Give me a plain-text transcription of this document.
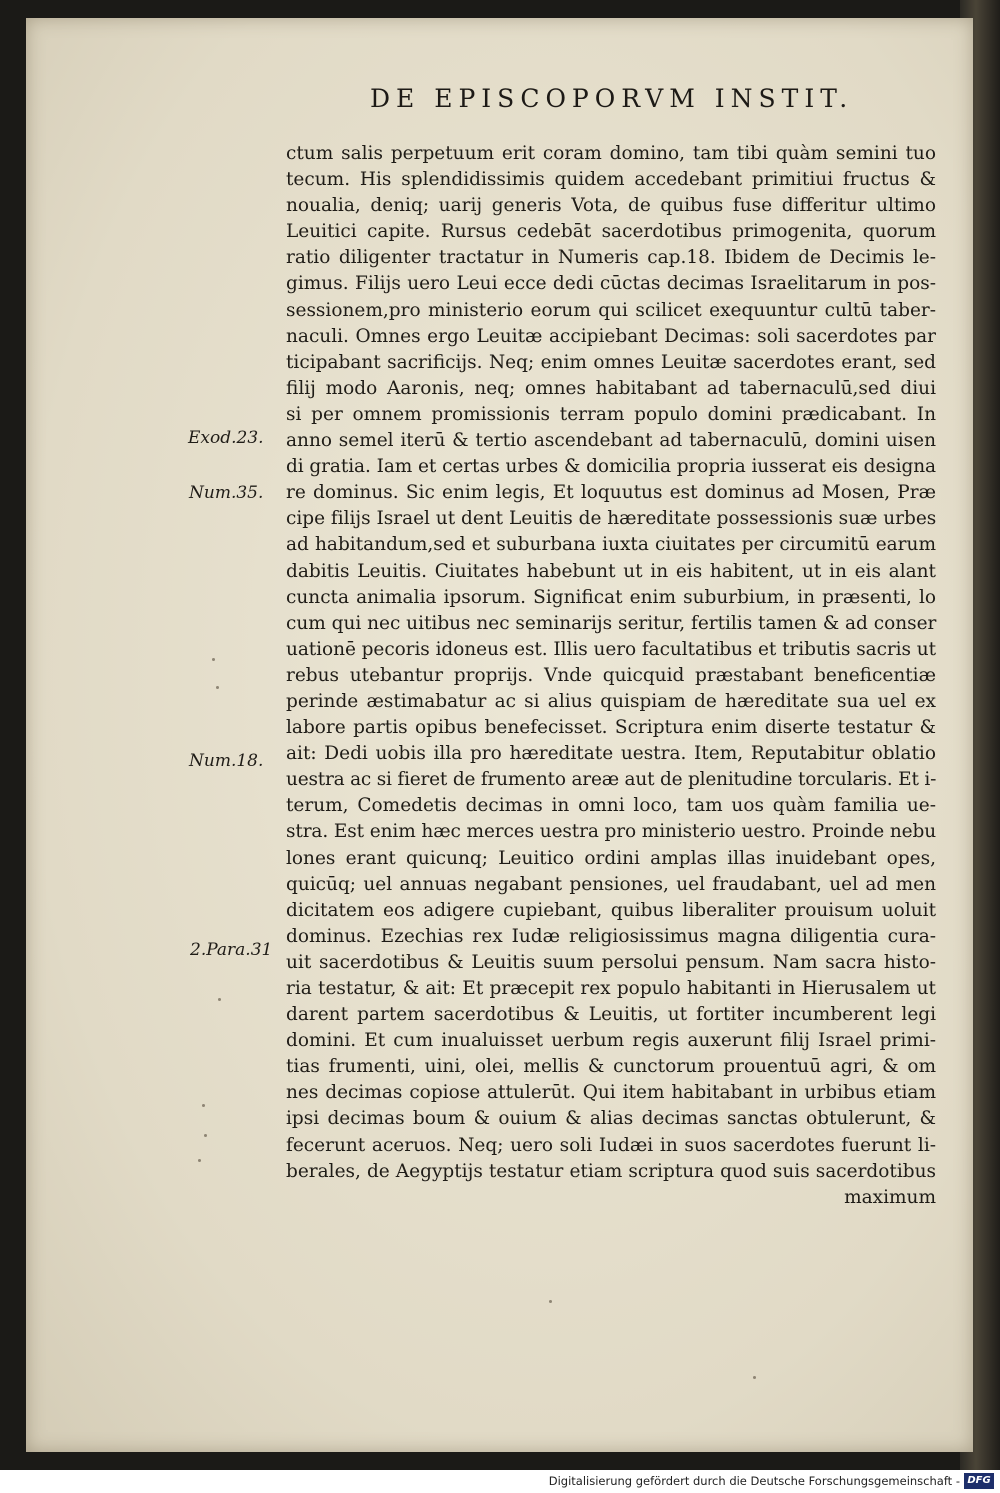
DE EPISCOPORVM INSTIT.
Exod.23.
Num.35.
Num.18.
2.Para.31
ctum salis perpetuum erit coram domino, tam tibi quàm semini tuo
tecum. His splendidissimis quidem accedebant primitiui fructus &
noualia, deniq; uarij generis Vota, de quibus fuse differitur ultimo
Leuitici capite. Rursus cedebāt sacerdotibus primogenita, quorum
ratio diligenter tractatur in Numeris cap.18. Ibidem de Decimis le-
gimus. Filijs uero Leui ecce dedi cūctas decimas Israelitarum in pos-
sessionem,pro ministerio eorum qui scilicet exequuntur cultū taber-
naculi. Omnes ergo Leuitæ accipiebant Decimas: soli sacerdotes par
ticipabant sacrificijs. Neq; enim omnes Leuitæ sacerdotes erant, sed
filij modo Aaronis, neq; omnes habitabant ad tabernaculū,sed diui
si per omnem promissionis terram populo domini prædicabant. In
anno semel iterū & tertio ascendebant ad tabernaculū, domini uisen
di gratia. Iam et certas urbes & domicilia propria iusserat eis designa
re dominus. Sic enim legis, Et loquutus est dominus ad Mosen, Præ
cipe filijs Israel ut dent Leuitis de hæreditate possessionis suæ urbes
ad habitandum,sed et suburbana iuxta ciuitates per circumitū earum
dabitis Leuitis. Ciuitates habebunt ut in eis habitent, ut in eis alant
cuncta animalia ipsorum. Significat enim suburbium, in præsenti, lo
cum qui nec uitibus nec seminarijs seritur, fertilis tamen & ad conser
uationē pecoris idoneus est. Illis uero facultatibus et tributis sacris ut
rebus utebantur proprijs. Vnde quicquid præstabant beneficentiæ
perinde æstimabatur ac si alius quispiam de hæreditate sua uel ex
labore partis opibus benefecisset. Scriptura enim diserte testatur &
ait: Dedi uobis illa pro hæreditate uestra. Item, Reputabitur oblatio
uestra ac si fieret de frumento areæ aut de plenitudine torcularis. Et i-
terum, Comedetis decimas in omni loco, tam uos quàm familia ue-
stra. Est enim hæc merces uestra pro ministerio uestro. Proinde nebu
lones erant quicunq; Leuitico ordini amplas illas inuidebant opes,
quicūq; uel annuas negabant pensiones, uel fraudabant, uel ad men
dicitatem eos adigere cupiebant, quibus liberaliter prouisum uoluit
dominus. Ezechias rex Iudæ religiosissimus magna diligentia cura-
uit sacerdotibus & Leuitis suum persolui pensum. Nam sacra histo-
ria testatur, & ait: Et præcepit rex populo habitanti in Hierusalem ut
darent partem sacerdotibus & Leuitis, ut fortiter incumberent legi
domini. Et cum inualuisset uerbum regis auxerunt filij Israel primi-
tias frumenti, uini, olei, mellis & cunctorum prouentuū agri, & om
nes decimas copiose attulerūt. Qui item habitabant in urbibus etiam
ipsi decimas boum & ouium & alias decimas sanctas obtulerunt, &
fecerunt aceruos. Neq; uero soli Iudæi in suos sacerdotes fuerunt li-
berales, de Aegyptijs testatur etiam scriptura quod suis sacerdotibus
maximum
Digitalisierung gefördert durch die Deutsche Forschungsgemeinschaft - DFG
